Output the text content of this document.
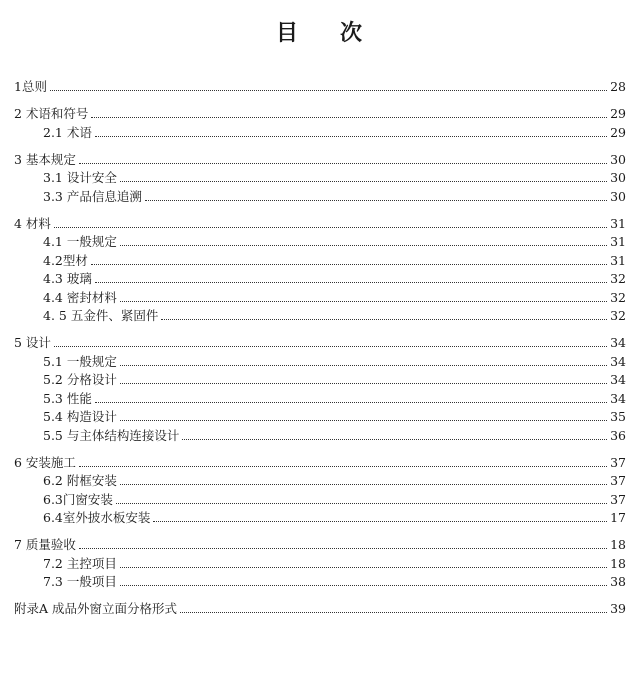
目 次
1总则	28
2 术语和符号	29
2.1 术语	29
3 基本规定	30
3.1 设计安全	30
3.3 产品信息追溯	30
4 材料	31
4.1 一般规定	31
4.2型材	31
4.3 玻璃	32
4.4 密封材料	32
4. 5 五金件、紧固件	32
5 设计	34
5.1 一般规定	34
5.2 分格设计	34
5.3 性能	34
5.4 构造设计	35
5.5 与主体结构连接设计	36
6 安装施工	37
6.2 附框安装	37
6.3门窗安装	37
6.4室外披水板安装	17
7 质量验收	18
7.2 主控项目	18
7.3 一般项目	38
附录A 成品外窗立面分格形式	39
